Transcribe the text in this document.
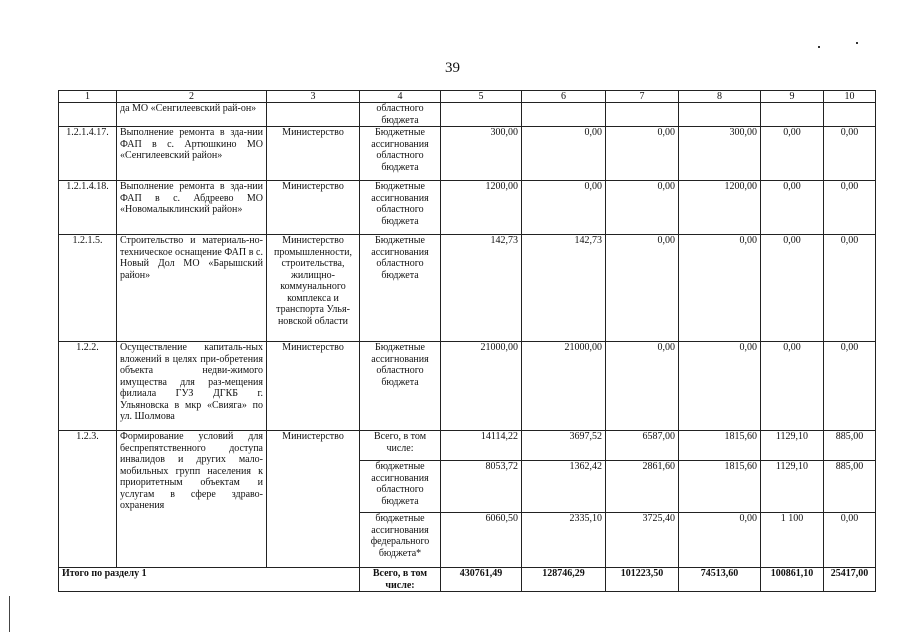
39
1	2	3	4	5	6	7	8	9	10
	да МО «Сенгилеевский рай-он»		областного бюджета						
1.2.1.4.17.	Выполнение ремонта в зда-нии ФАП в с. Артюшкино МО «Сенгилеевский район»	Министерство	Бюджетные ассигнования областного бюджета	300,00	0,00	0,00	300,00	0,00	0,00
1.2.1.4.18.	Выполнение ремонта в зда-нии ФАП в с. Абдреево МО «Новомалыклинский район»	Министерство	Бюджетные ассигнования областного бюджета	1200,00	0,00	0,00	1200,00	0,00	0,00
1.2.1.5.	Строительство и материаль-но-техническое оснащение ФАП в с. Новый Дол МО «Барышский район»	Министерство промышленности, строительства, жилищно-коммунального комплекса и транспорта Улья-новской области	Бюджетные ассигнования областного бюджета	142,73	142,73	0,00	0,00	0,00	0,00
1.2.2.	Осуществление капиталь-ных вложений в целях при-обретения объекта недви-жимого имущества для раз-мещения филиала ГУЗ ДГКБ г. Ульяновска в мкр «Свияга» по ул. Шолмова	Министерство	Бюджетные ассигнования областного бюджета	21000,00	21000,00	0,00	0,00	0,00	0,00
1.2.3.	Формирование условий для беспрепятственного доступа инвалидов и других мало-мобильных групп населения к приоритетным объектам и услугам в сфере здраво-охранения	Министерство	Всего, в том числе:	14114,22	3697,52	6587,00	1815,60	1129,10	885,00
			бюджетные ассигнования областного бюджета	8053,72	1362,42	2861,60	1815,60	1129,10	885,00
			бюджетные ассигнования федерального бюджета*	6060,50	2335,10	3725,40	0,00	1 100	0,00
Итого по разделу 1			Всего, в том числе:	430761,49	128746,29	101223,50	74513,60	100861,10	25417,00
